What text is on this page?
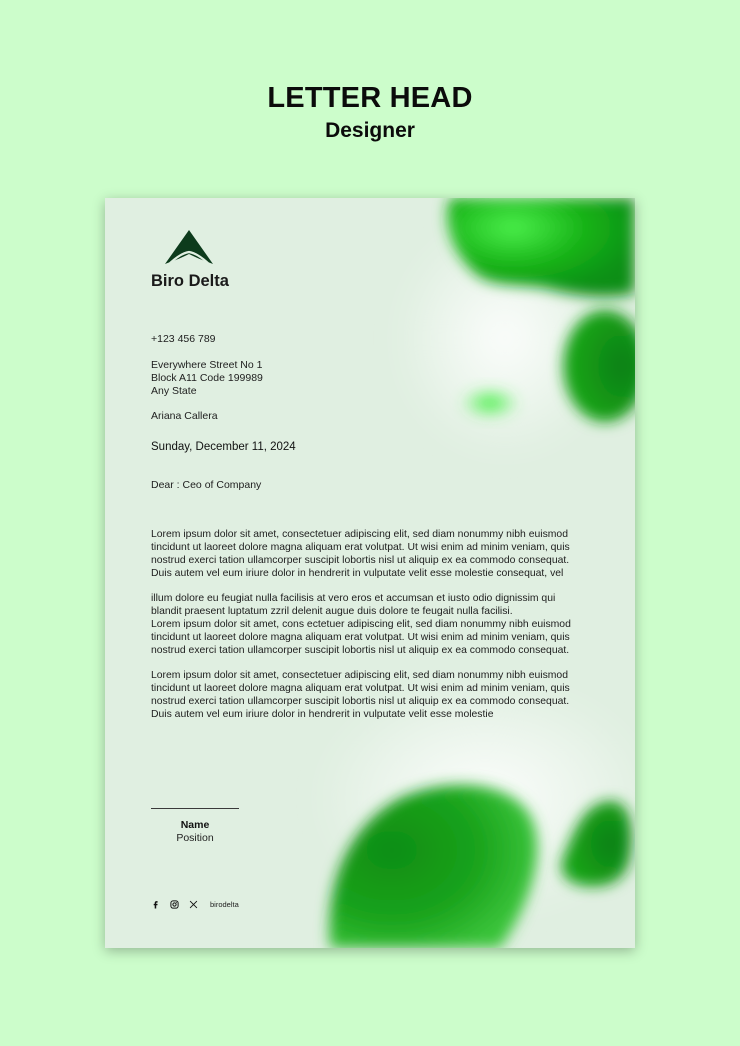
LETTER HEAD
Designer
Biro Delta
+123 456 789
Everywhere Street No 1
Block A11 Code 199989
Any State
Ariana Callera
Sunday, December 11, 2024
Dear : Ceo of Company
Lorem ipsum dolor sit amet, consectetuer adipiscing elit, sed diam nonummy nibh euismod
tincidunt ut laoreet dolore magna aliquam erat volutpat. Ut wisi enim ad minim veniam, quis
nostrud exerci tation ullamcorper suscipit lobortis nisl ut aliquip ex ea commodo consequat.
Duis autem vel eum iriure dolor in hendrerit in vulputate velit esse molestie consequat, vel
illum dolore eu feugiat nulla facilisis at vero eros et accumsan et iusto odio dignissim qui
blandit praesent luptatum zzril delenit augue duis dolore te feugait nulla facilisi.
Lorem ipsum dolor sit amet, cons ectetuer adipiscing elit, sed diam nonummy nibh euismod
tincidunt ut laoreet dolore magna aliquam erat volutpat. Ut wisi enim ad minim veniam, quis
nostrud exerci tation ullamcorper suscipit lobortis nisl ut aliquip ex ea commodo consequat.
Lorem ipsum dolor sit amet, consectetuer adipiscing elit, sed diam nonummy nibh euismod
tincidunt ut laoreet dolore magna aliquam erat volutpat. Ut wisi enim ad minim veniam, quis
nostrud exerci tation ullamcorper suscipit lobortis nisl ut aliquip ex ea commodo consequat.
Duis autem vel eum iriure dolor in hendrerit in vulputate velit esse molestie
Name
Position
birodelta
